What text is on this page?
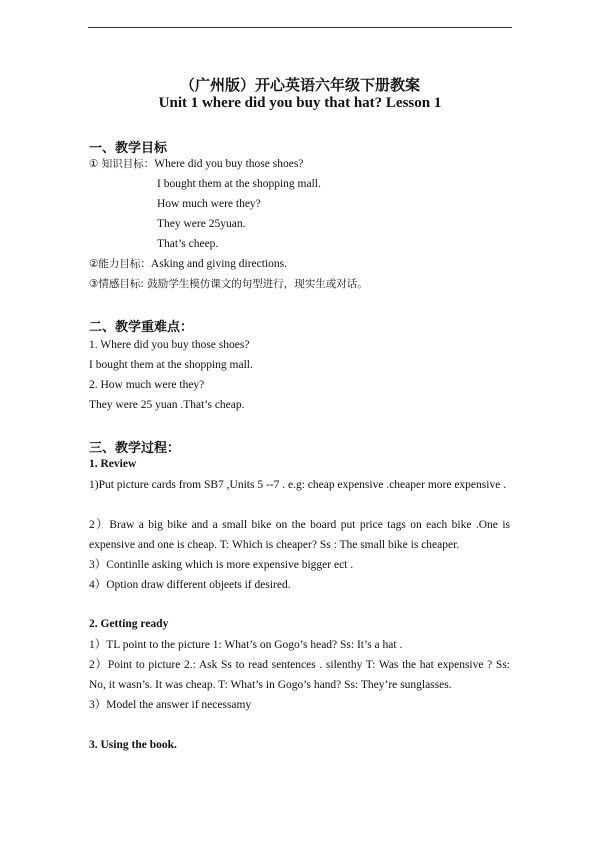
（广州版）开心英语六年级下册教案
Unit 1 where did you buy that hat? Lesson 1
一、教学目标
① 知识目标：Where did you buy those shoes?
I bought them at the shopping mall.
How much were they?
They were 25yuan.
That’s cheep.
②能力目标：Asking and giving directions.
③情感目标: 鼓励学生模仿课文的句型进行，现实生或对话。
二、教学重难点：
1. Where did you buy those shoes?
I bought them at the shopping mall.
2. How much were they?
They were 25 yuan .That’s cheap.
三、教学过程：
1. Review
1)Put picture cards from SB7 ,Units 5 --7 . e.g: cheap expensive .cheaper more expensive .
2）Braw a big bike and a small bike on the board put price tags on each bike .One is expensive and one is cheap. T: Which is cheaper? Ss : The small bike is cheaper.
3）Continlle asking which is more expensive bigger ect .
4）Option draw different objeets if desired.
2. Getting ready
1）TL point to the picture 1: What’s on Gogo’s head? Ss: It’s a hat .
2）Point to picture 2.: Ask Ss to read sentences . silenthy T: Was the hat expensive ? Ss: No, it wasn’s. It was cheap. T: What’s in Gogo’s hand? Ss: They’re sunglasses.
3）Model the answer if necessamy
3. Using the book.
